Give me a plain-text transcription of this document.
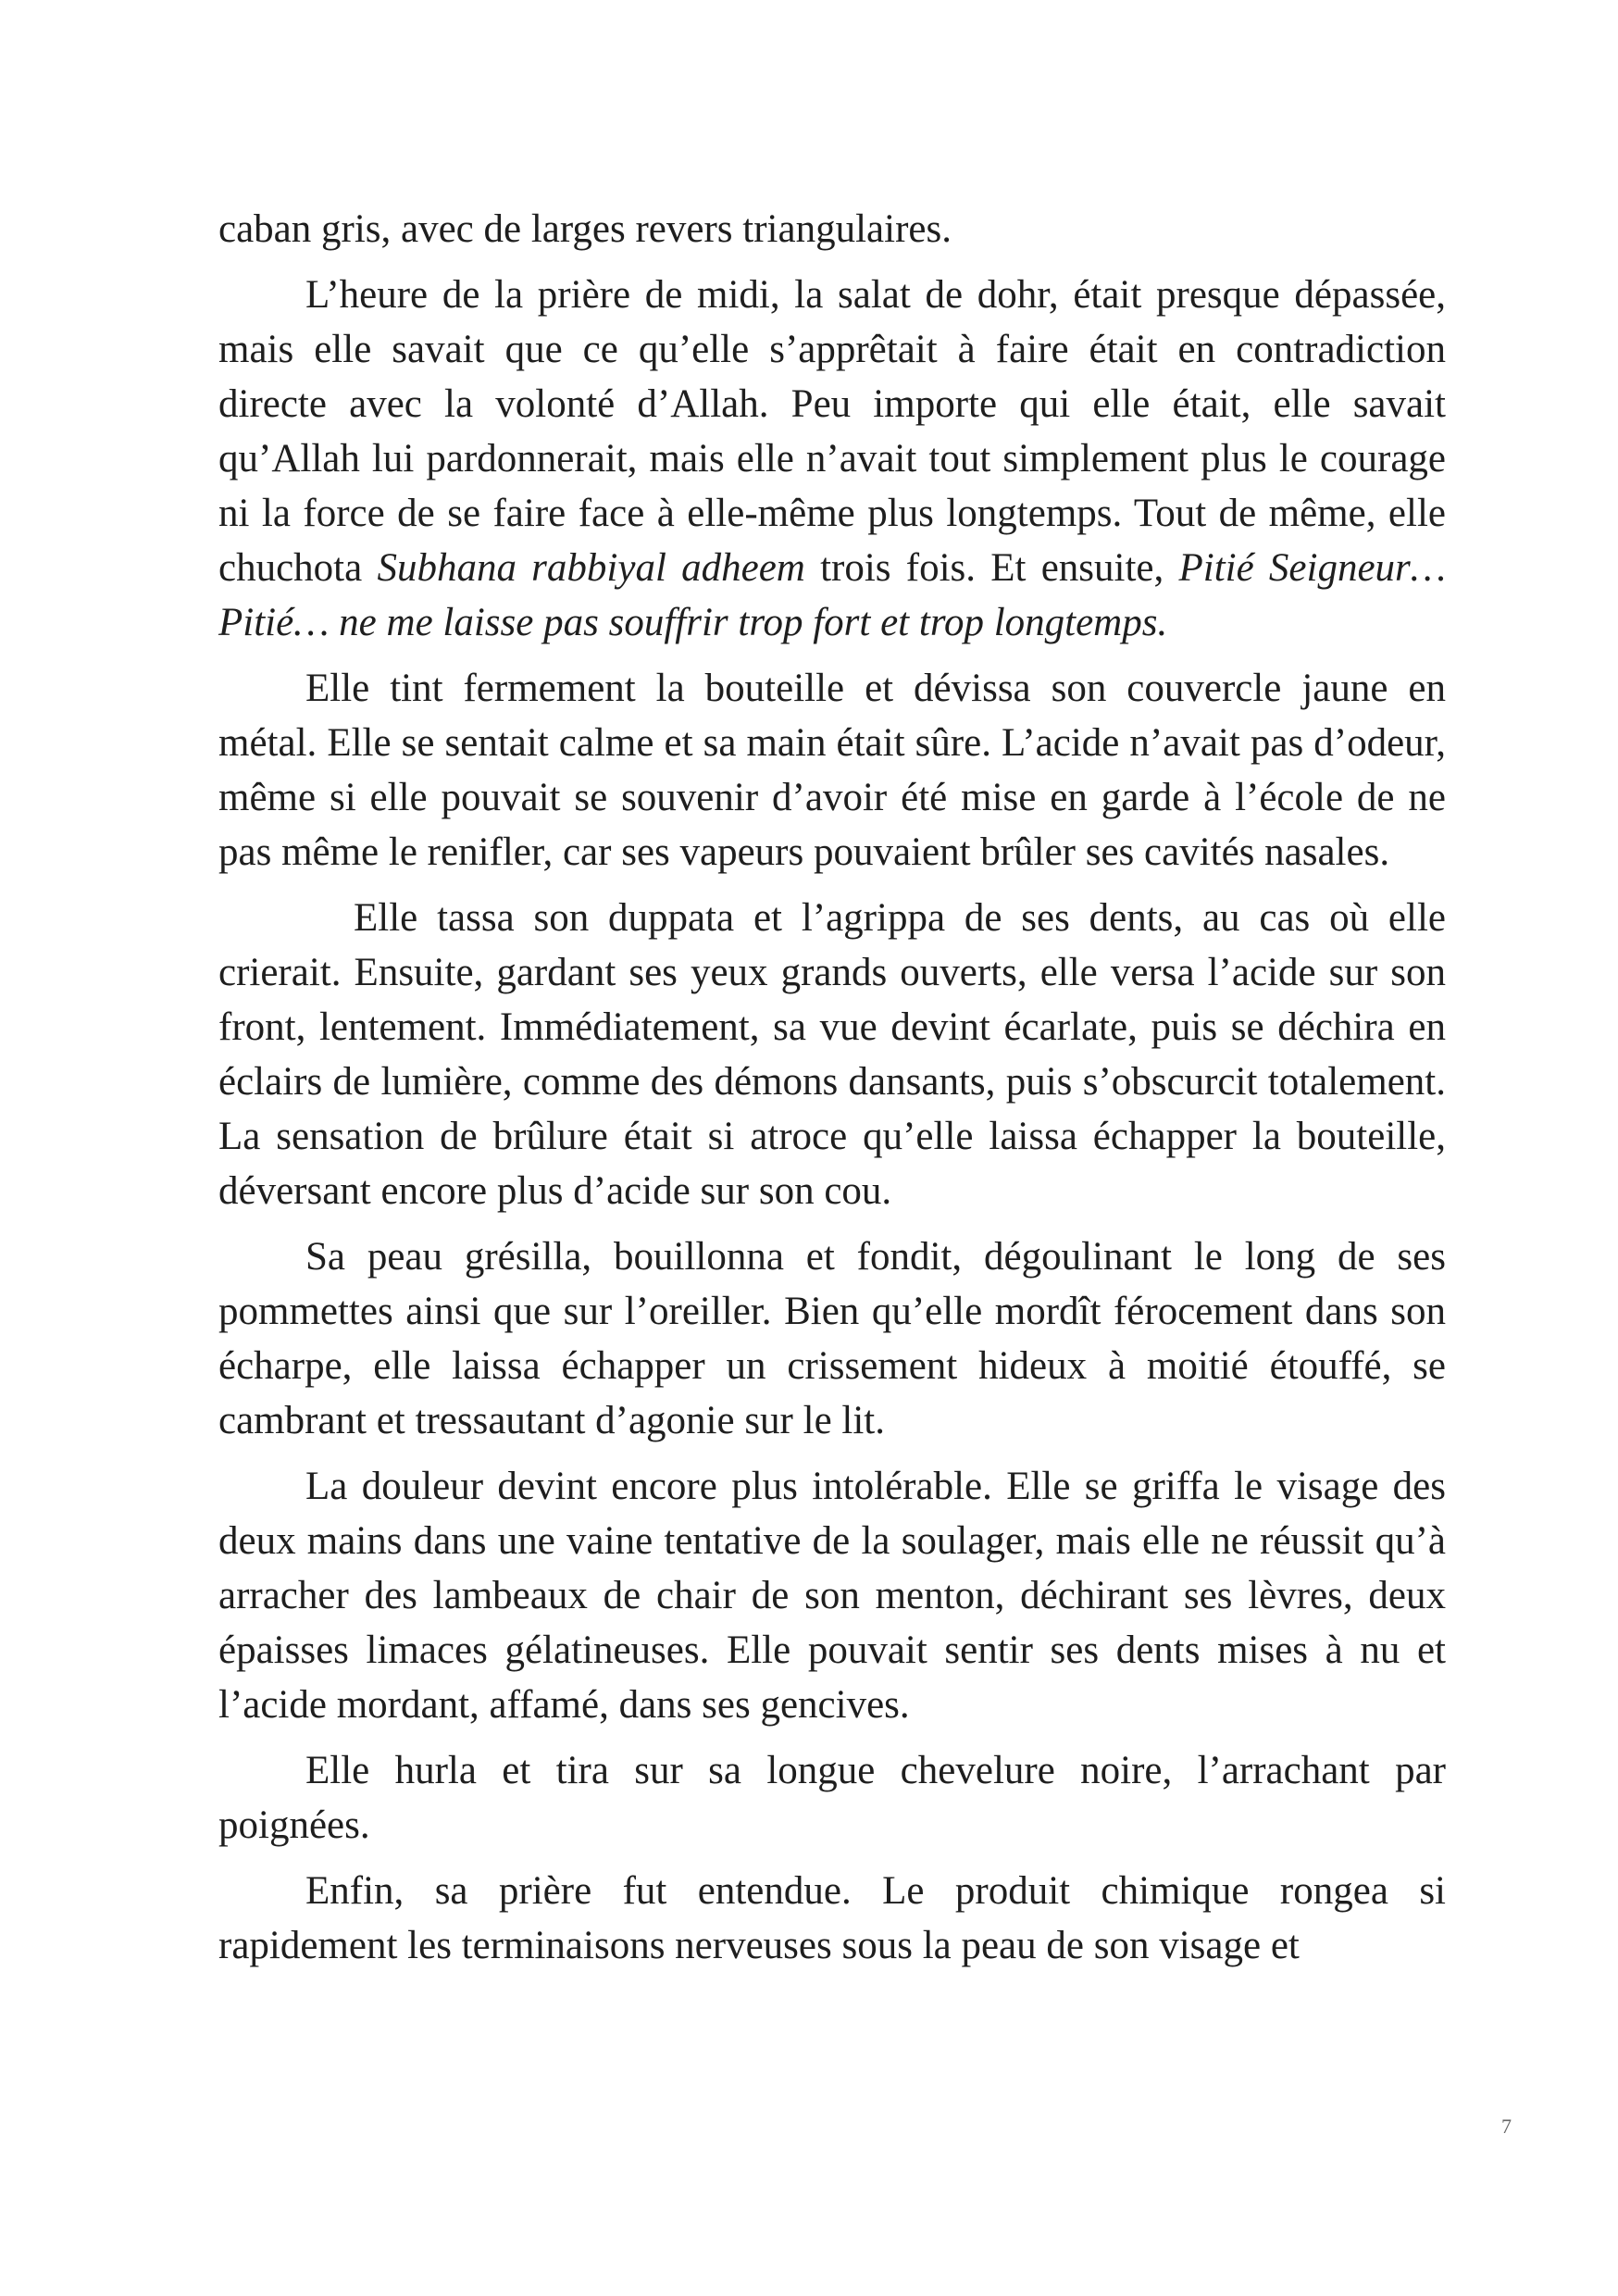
caban gris, avec de larges revers triangulaires.

L’heure de la prière de midi, la salat de dohr, était presque dépassée, mais elle savait que ce qu’elle s’apprêtait à faire était en contradiction directe avec la volonté d’Allah. Peu importe qui elle était, elle savait qu’Allah lui pardonnerait, mais elle n’avait tout simplement plus le courage ni la force de se faire face à elle-même plus longtemps. Tout de même, elle chuchota Subhana rabbiyal adheem trois fois. Et ensuite, Pitié Seigneur… Pitié… ne me laisse pas souffrir trop fort et trop longtemps.

Elle tint fermement la bouteille et dévissa son couvercle jaune en métal. Elle se sentait calme et sa main était sûre. L’acide n’avait pas d’odeur, même si elle pouvait se souvenir d’avoir été mise en garde à l’école de ne pas même le renifler, car ses vapeurs pouvaient brûler ses cavités nasales.

Elle tassa son duppata et l’agrippa de ses dents, au cas où elle crierait. Ensuite, gardant ses yeux grands ouverts, elle versa l’acide sur son front, lentement. Immédiatement, sa vue devint écarlate, puis se déchira en éclairs de lumière, comme des démons dansants, puis s’obscurcit totalement. La sensation de brûlure était si atroce qu’elle laissa échapper la bouteille, déversant encore plus d’acide sur son cou.

Sa peau grésilla, bouillonna et fondit, dégoulinant le long de ses pommettes ainsi que sur l’oreiller. Bien qu’elle mordît férocement dans son écharpe, elle laissa échapper un crissement hideux à moitié étouffé, se cambrant et tressautant d’agonie sur le lit.

La douleur devint encore plus intolérable. Elle se griffa le visage des deux mains dans une vaine tentative de la soulager, mais elle ne réussit qu’à arracher des lambeaux de chair de son menton, déchirant ses lèvres, deux épaisses limaces gélatineuses. Elle pouvait sentir ses dents mises à nu et l’acide mordant, affamé, dans ses gencives.

Elle hurla et tira sur sa longue chevelure noire, l’arrachant par poignées.

Enfin, sa prière fut entendue. Le produit chimique rongea si rapidement les terminaisons nerveuses sous la peau de son visage et

7
